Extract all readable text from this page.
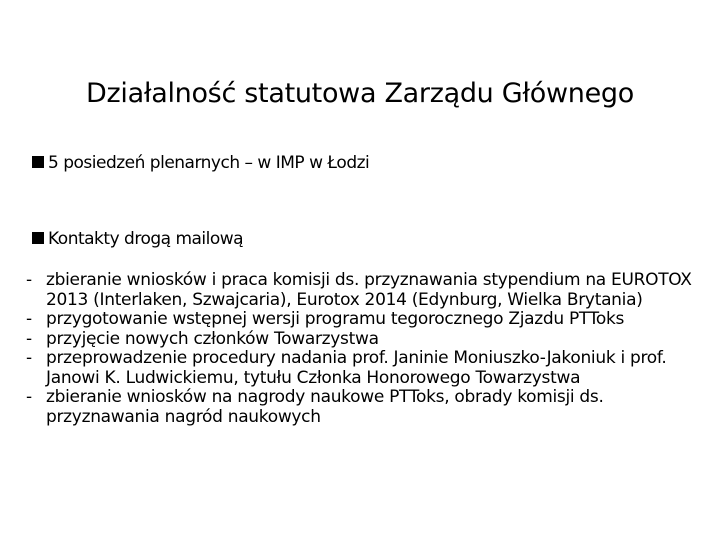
Działalność statutowa Zarządu Głównego
5 posiedzeń plenarnych – w IMP w Łodzi
Kontakty drogą mailową
- zbieranie wniosków i praca komisji ds. przyznawania stypendium na EUROTOX 2013 (Interlaken, Szwajcaria), Eurotox 2014 (Edynburg, Wielka Brytania)
- przygotowanie wstępnej wersji programu tegorocznego Zjazdu PTToks
- przyjęcie nowych członków Towarzystwa
- przeprowadzenie procedury nadania prof. Janinie Moniuszko-Jakoniuk i prof. Janowi K. Ludwickiemu, tytułu Członka Honorowego Towarzystwa
- zbieranie wniosków na nagrody naukowe PTToks, obrady komisji ds. przyznawania nagród naukowych
